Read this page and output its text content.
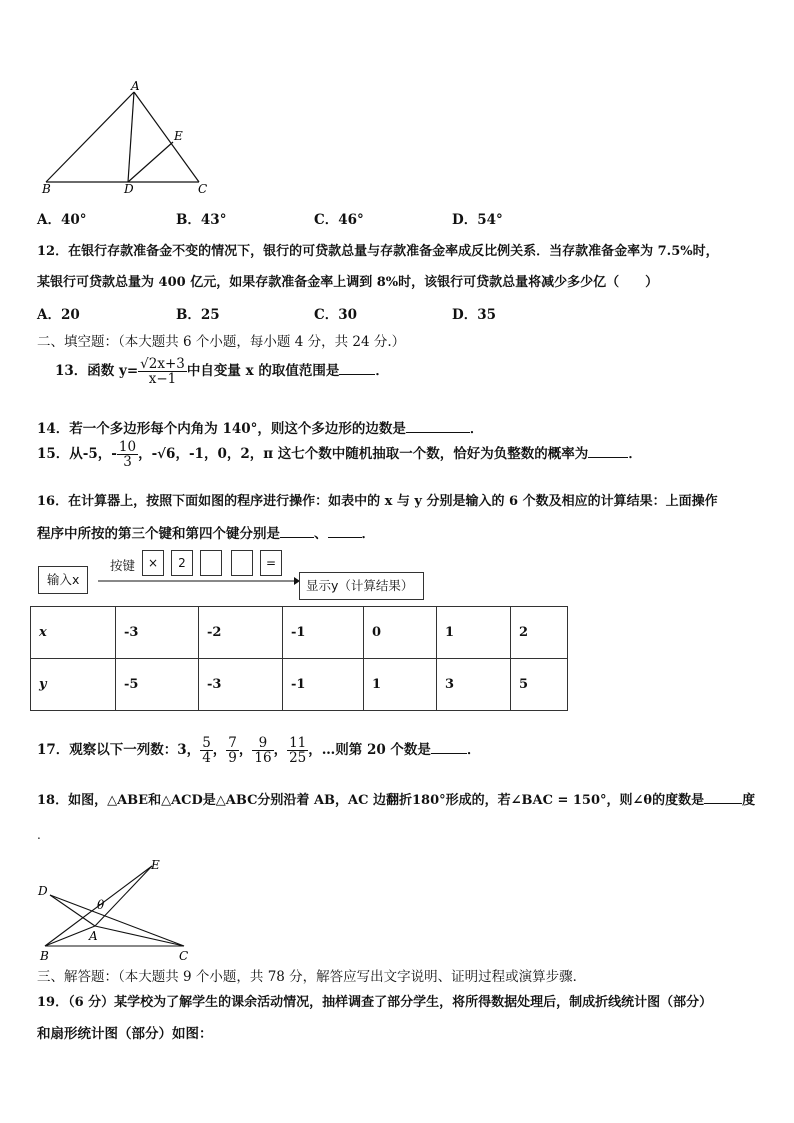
A
E
B	D	C
A．40°	B．43°	C．46°	D．54°
12．在银行存款准备金不变的情况下，银行的可贷款总量与存款准备金率成反比例关系．当存款准备金率为 7.5%时，
某银行可贷款总量为 400 亿元，如果存款准备金率上调到 8%时，该银行可贷款总量将减少多少亿（　　）
A．20	B．25	C．30	D．35
二、填空题：（本大题共 6 个小题，每小题 4 分，共 24 分.）
13．函数 $y= \frac{√2x+3}{x-1}$ 中自变量 x 的取值范围是	．
14．若一个多边形每个内角为 140°，则这个多边形的边数是	．
15．从-5，- $\frac{10}{3}$ ，-√6，-1，0，2，π 这七个数中随机抽取一个数，恰好为负整数的概率为	．
16．在计算器上，按照下面如图的程序进行操作：如表中的 x 与 y 分别是输入的 6 个数及相应的计算结果：上面操作
程序中所按的第三个键和第四个键分别是	、	．
输入x
按键	×	2	=
显示y（计算结果）
x	-3	-2	-1	0	1	2
y	-5	-3	-1	1	3	5
17．观察以下一列数：3， $\frac{5}{4}$ ， $\frac{7}{9}$ ， $\frac{9}{16}$ ， $\frac{11}{25}$ ，…则第 20 个数是	．
18．如图，△ABE和△ACD是△ABC分别沿着 AB，AC 边翻折180°形成的，若∠BAC = 150°，则∠θ的度数是	度
.
D
E
θ
A
B	C
三、解答题：（本大题共 9 个小题，共 78 分，解答应写出文字说明、证明过程或演算步骤．
19．（6 分）某学校为了解学生的课余活动情况，抽样调查了部分学生，将所得数据处理后，制成折线统计图（部分）
和扇形统计图（部分）如图：
